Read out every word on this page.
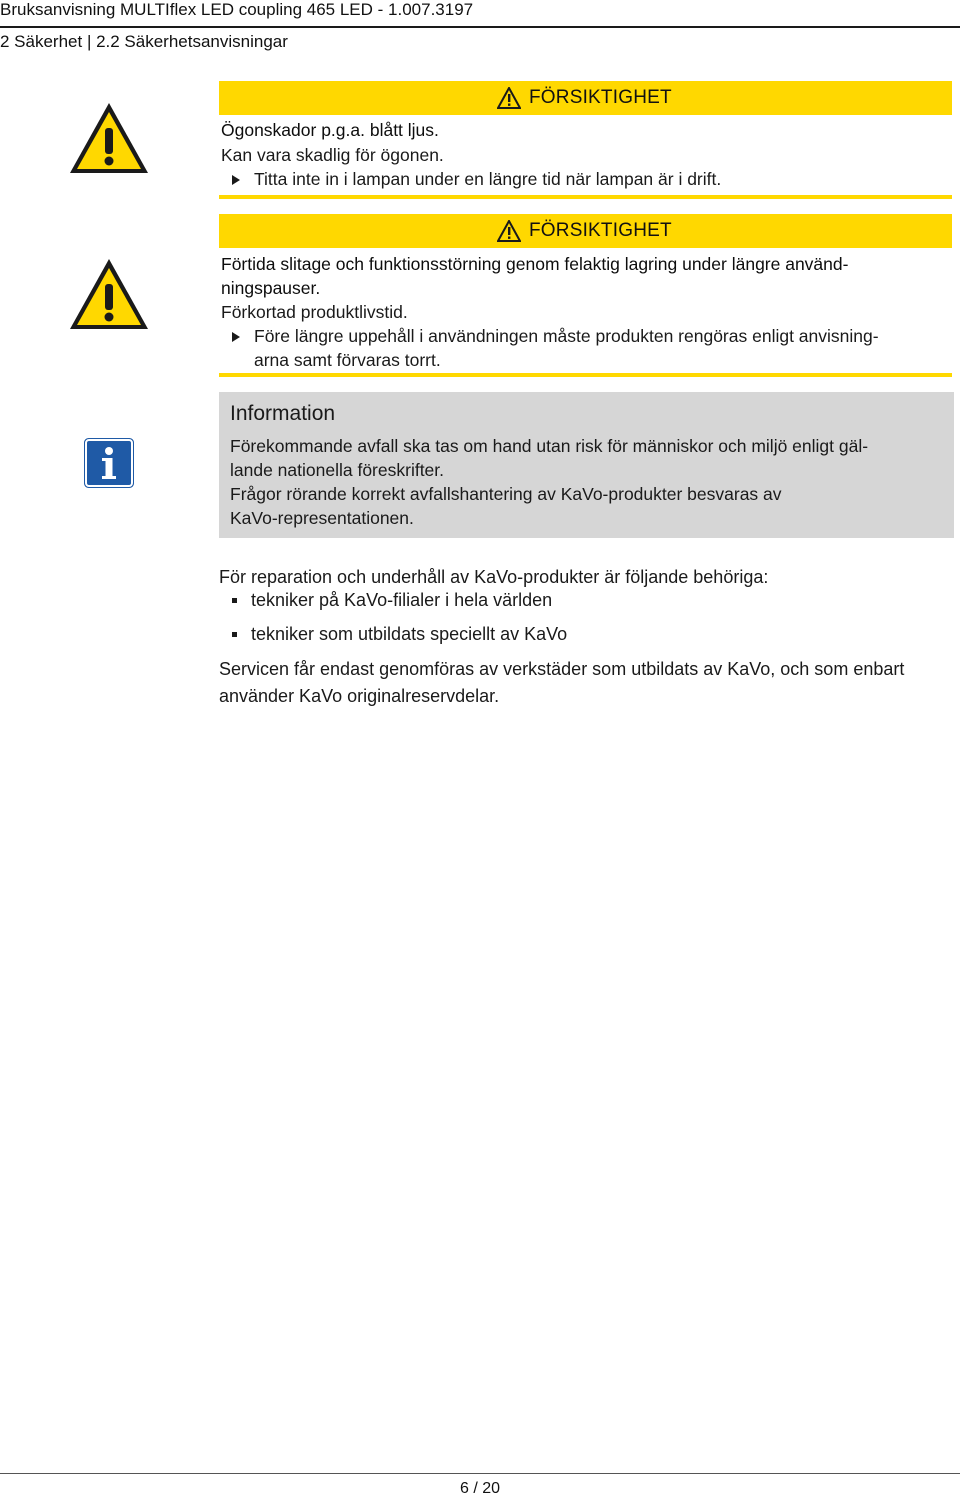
Bruksanvisning MULTIflex LED coupling 465 LED - 1.007.3197
2 Säkerhet | 2.2 Säkerhetsanvisningar
FÖRSIKTIGHET
Ögonskador p.g.a. blått ljus.
Kan vara skadlig för ögonen.
Titta inte in i lampan under en längre tid när lampan är i drift.
FÖRSIKTIGHET
Förtida slitage och funktionsstörning genom felaktig lagring under längre använd-
ningspauser.
Förkortad produktlivstid.
Före längre uppehåll i användningen måste produkten rengöras enligt anvisning-
arna samt förvaras torrt.
Information
Förekommande avfall ska tas om hand utan risk för människor och miljö enligt gäl-
lande nationella föreskrifter.
Frågor rörande korrekt avfallshantering av KaVo-produkter besvaras av
KaVo-representationen.
För reparation och underhåll av KaVo-produkter är följande behöriga:
tekniker på KaVo-filialer i hela världen
tekniker som utbildats speciellt av KaVo
Servicen får endast genomföras av verkstäder som utbildats av KaVo, och som enbart
använder KaVo originalreservdelar.
6 / 20
